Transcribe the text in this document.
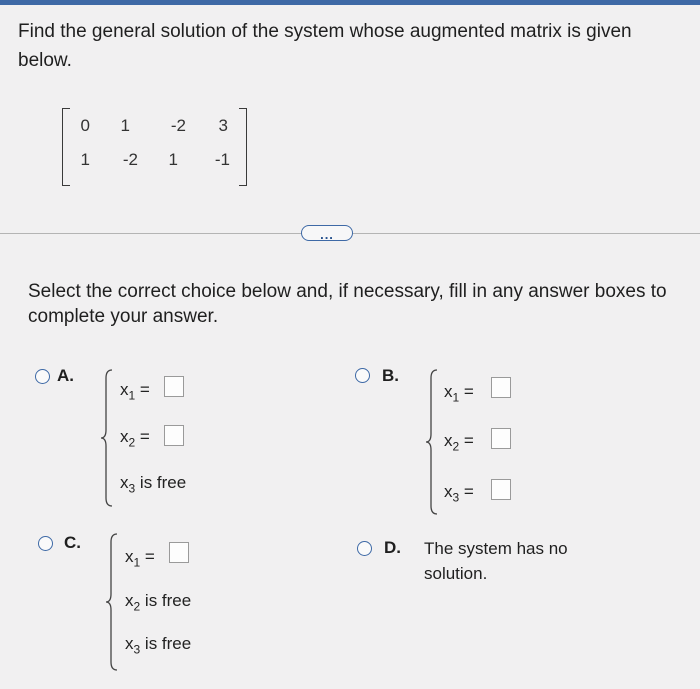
Find the general solution of the system whose augmented matrix is given below.
0	1	-2	3
1	-2	1	-1
...
Select the correct choice below and, if necessary, fill in any answer boxes to complete your answer.
A.
$x_1$ =
$x_2$ =
$x_3$ is free
B.
$x_1$ =
$x_2$ =
$x_3$ =
C.
$x_1$ =
$x_2$ is free
$x_3$ is free
D. The system has no
solution.
